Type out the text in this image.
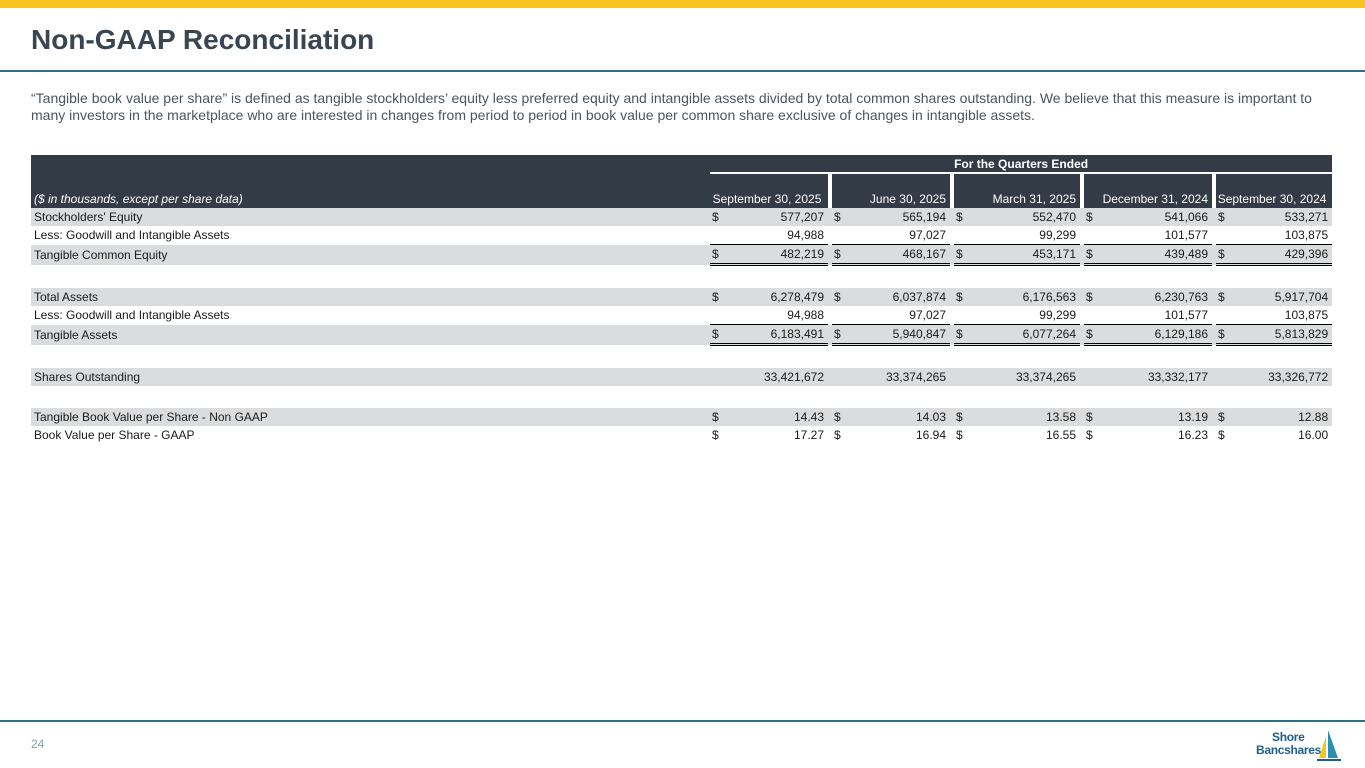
Non-GAAP Reconciliation
“Tangible book value per share” is defined as tangible stockholders’ equity less preferred equity and intangible assets divided by total common shares outstanding. We believe that this measure is important to many investors in the marketplace who are interested in changes from period to period in book value per common share exclusive of changes in intangible assets.
		For the Quarters Ended													
($ in thousands, except per share data)		September 30, 2025			June 30, 2025			March 31, 2025			December 31, 2024			September 30, 2024	
Stockholders' Equity		$	577,207		$	565,194		$	552,470		$	541,066		$	533,271
Less: Goodwill and Intangible Assets			94,988			97,027			99,299			101,577			103,875
Tangible Common Equity		$	482,219		$	468,167		$	453,171		$	439,489		$	429,396

Total Assets		$	6,278,479		$	6,037,874		$	6,176,563		$	6,230,763		$	5,917,704
Less: Goodwill and Intangible Assets			94,988			97,027			99,299			101,577			103,875
Tangible Assets		$	6,183,491		$	5,940,847		$	6,077,264		$	6,129,186		$	5,813,829

Shares Outstanding			33,421,672			33,374,265			33,374,265			33,332,177			33,326,772

Tangible Book Value per Share - Non GAAP		$	14.43		$	14.03		$	13.58		$	13.19		$	12.88
Book Value per Share - GAAP		$	17.27		$	16.94		$	16.55		$	16.23		$	16.00
24	Shore
Bancshares
